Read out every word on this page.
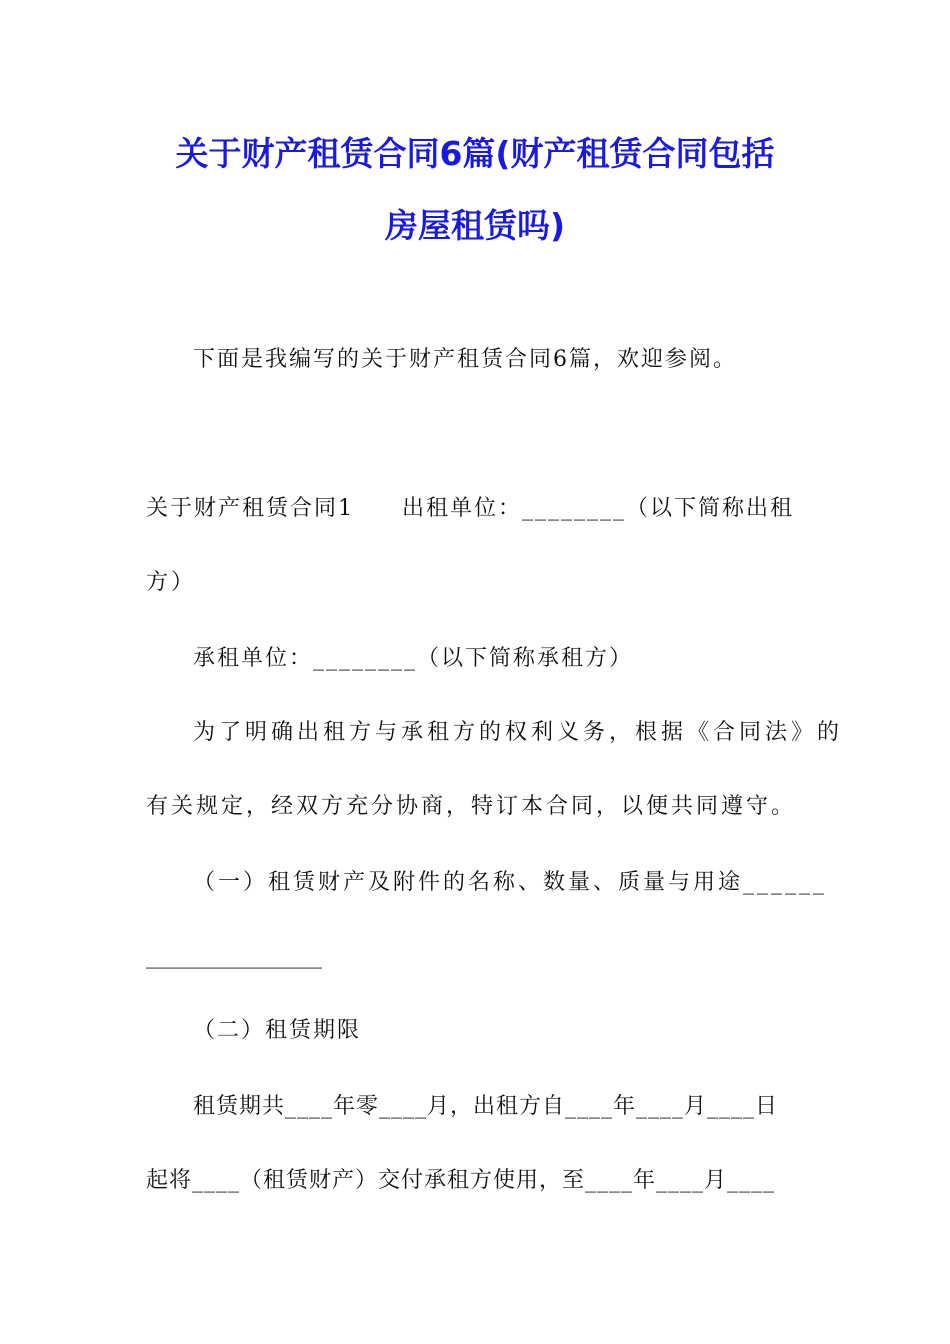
关于财产租赁合同6篇(财产租赁合同包括
房屋租赁吗)
下面是我编写的关于财产租赁合同6篇，欢迎参阅。
关于财产租赁合同1　　出租单位：________（以下简称出租
方）
承租单位：________（以下简称承租方）
为了明确出租方与承租方的权利义务，根据《合同法》的
有关规定，经双方充分协商，特订本合同，以便共同遵守。
（一）租赁财产及附件的名称、数量、质量与用途______
________________
（二）租赁期限
租赁期共____年零____月，出租方自____年____月____日
起将____（租赁财产）交付承租方使用，至____年____月____
